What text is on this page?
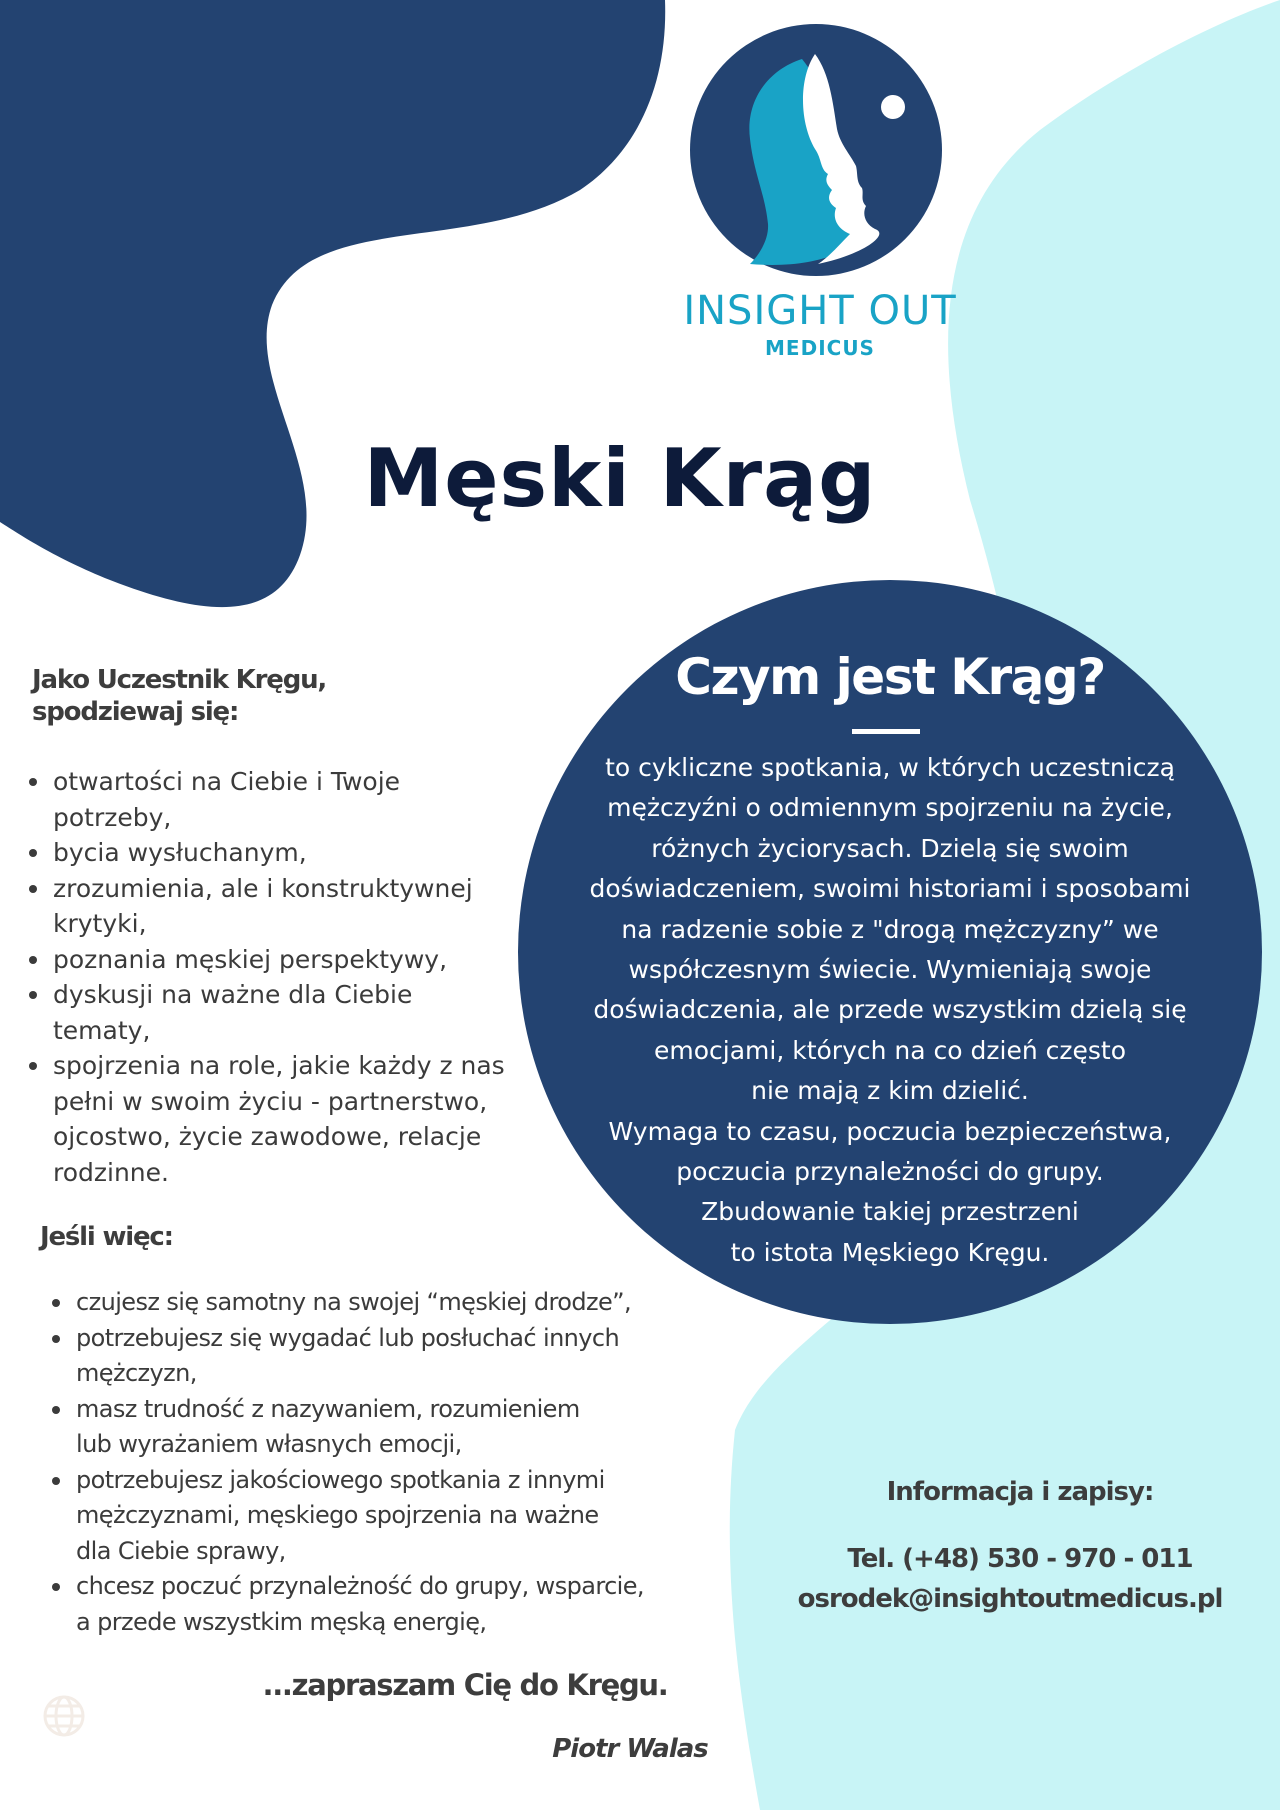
INSIGHT OUT
MEDICUS
Męski Krąg
Czym jest Krąg?
to cykliczne spotkania, w których uczestniczą
mężczyźni o odmiennym spojrzeniu na życie,
różnych życiorysach. Dzielą się swoim
doświadczeniem, swoimi historiami i sposobami
na radzenie sobie z "drogą mężczyzny” we
współczesnym świecie. Wymieniają swoje
doświadczenia, ale przede wszystkim dzielą się
emocjami, których na co dzień często
nie mają z kim dzielić.
Wymaga to czasu, poczucia bezpieczeństwa,
poczucia przynależności do grupy.
Zbudowanie takiej przestrzeni
to istota Męskiego Kręgu.
Jako Uczestnik Kręgu,
spodziewaj się:
otwartości na Ciebie i Twoje
potrzeby,
bycia wysłuchanym,
zrozumienia, ale i konstruktywnej
krytyki,
poznania męskiej perspektywy,
dyskusji na ważne dla Ciebie
tematy,
spojrzenia na role, jakie każdy z nas
pełni w swoim życiu - partnerstwo,
ojcostwo, życie zawodowe, relacje
rodzinne.
Jeśli więc:
czujesz się samotny na swojej “męskiej drodze”,
potrzebujesz się wygadać lub posłuchać innych
mężczyzn,
masz trudność z nazywaniem, rozumieniem
lub wyrażaniem własnych emocji,
potrzebujesz jakościowego spotkania z innymi
mężczyznami, męskiego spojrzenia na ważne
dla Ciebie sprawy,
chcesz poczuć przynależność do grupy, wsparcie,
a przede wszystkim męską energię,
...zapraszam Cię do Kręgu.
Piotr Walas
Informacja i zapisy:
Tel. (+48) 530 - 970 - 011
osrodek@insightoutmedicus.pl
